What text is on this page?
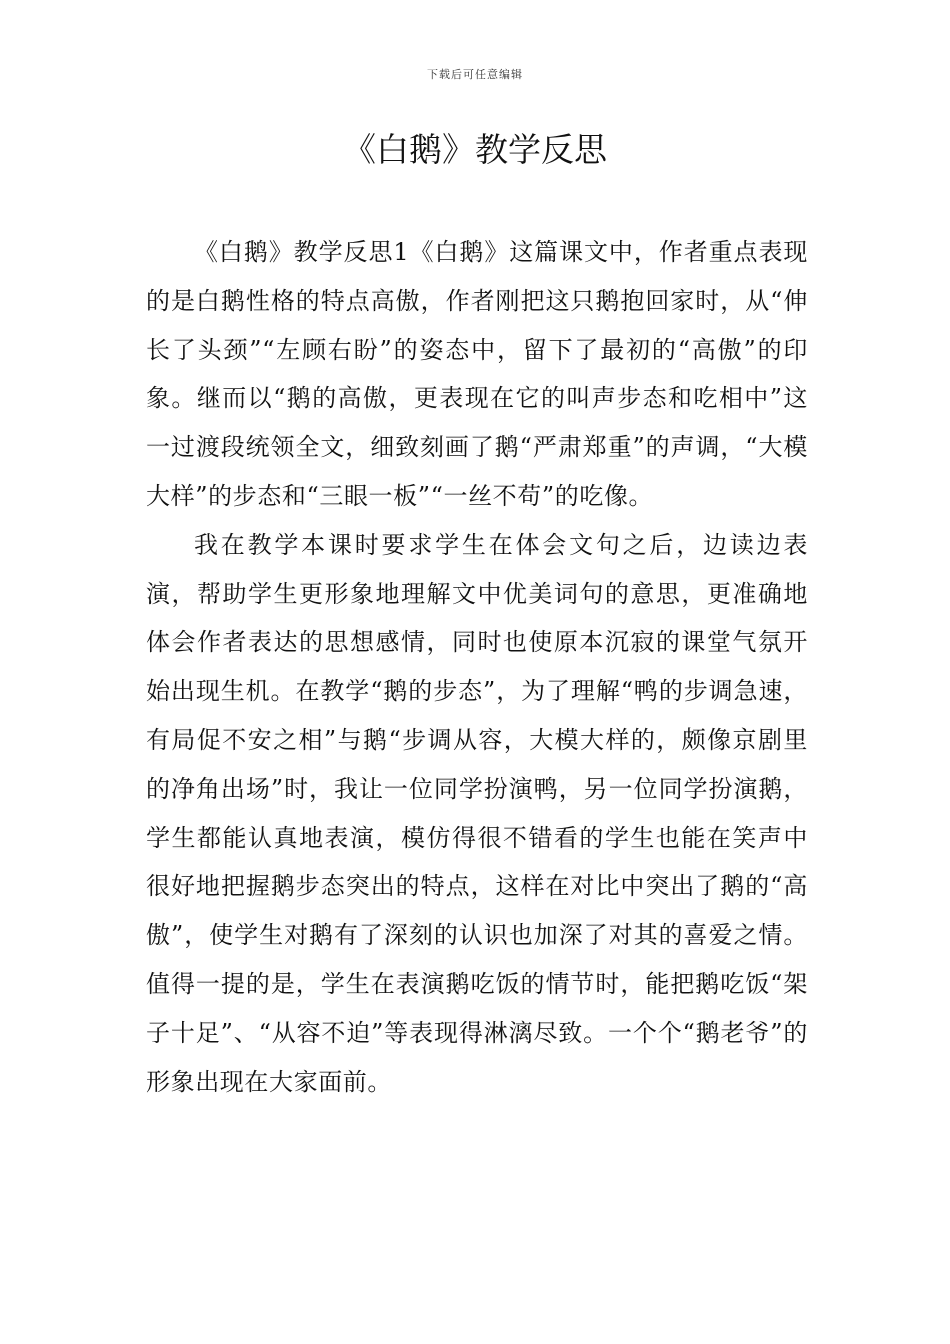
下载后可任意编辑
《白鹅》教学反思

《白鹅》教学反思1《白鹅》这篇课文中，作者重点表现的是白鹅性格的特点高傲，作者刚把这只鹅抱回家时，从“伸长了头颈”“左顾右盼”的姿态中，留下了最初的“高傲”的印象。继而以“鹅的高傲，更表现在它的叫声步态和吃相中”这一过渡段统领全文，细致刻画了鹅“严肃郑重”的声调，“大模大样”的步态和“三眼一板”“一丝不苟”的吃像。

我在教学本课时要求学生在体会文句之后，边读边表演，帮助学生更形象地理解文中优美词句的意思，更准确地体会作者表达的思想感情，同时也使原本沉寂的课堂气氛开始出现生机。在教学“鹅的步态”，为了理解“鸭的步调急速，有局促不安之相”与鹅“步调从容，大模大样的，颇像京剧里的净角出场”时，我让一位同学扮演鸭，另一位同学扮演鹅，学生都能认真地表演，模仿得很不错看的学生也能在笑声中很好地把握鹅步态突出的特点，这样在对比中突出了鹅的“高傲”，使学生对鹅有了深刻的认识也加深了对其的喜爱之情。值得一提的是，学生在表演鹅吃饭的情节时，能把鹅吃饭“架子十足”、“从容不迫”等表现得淋漓尽致。一个个“鹅老爷”的形象出现在大家面前。
